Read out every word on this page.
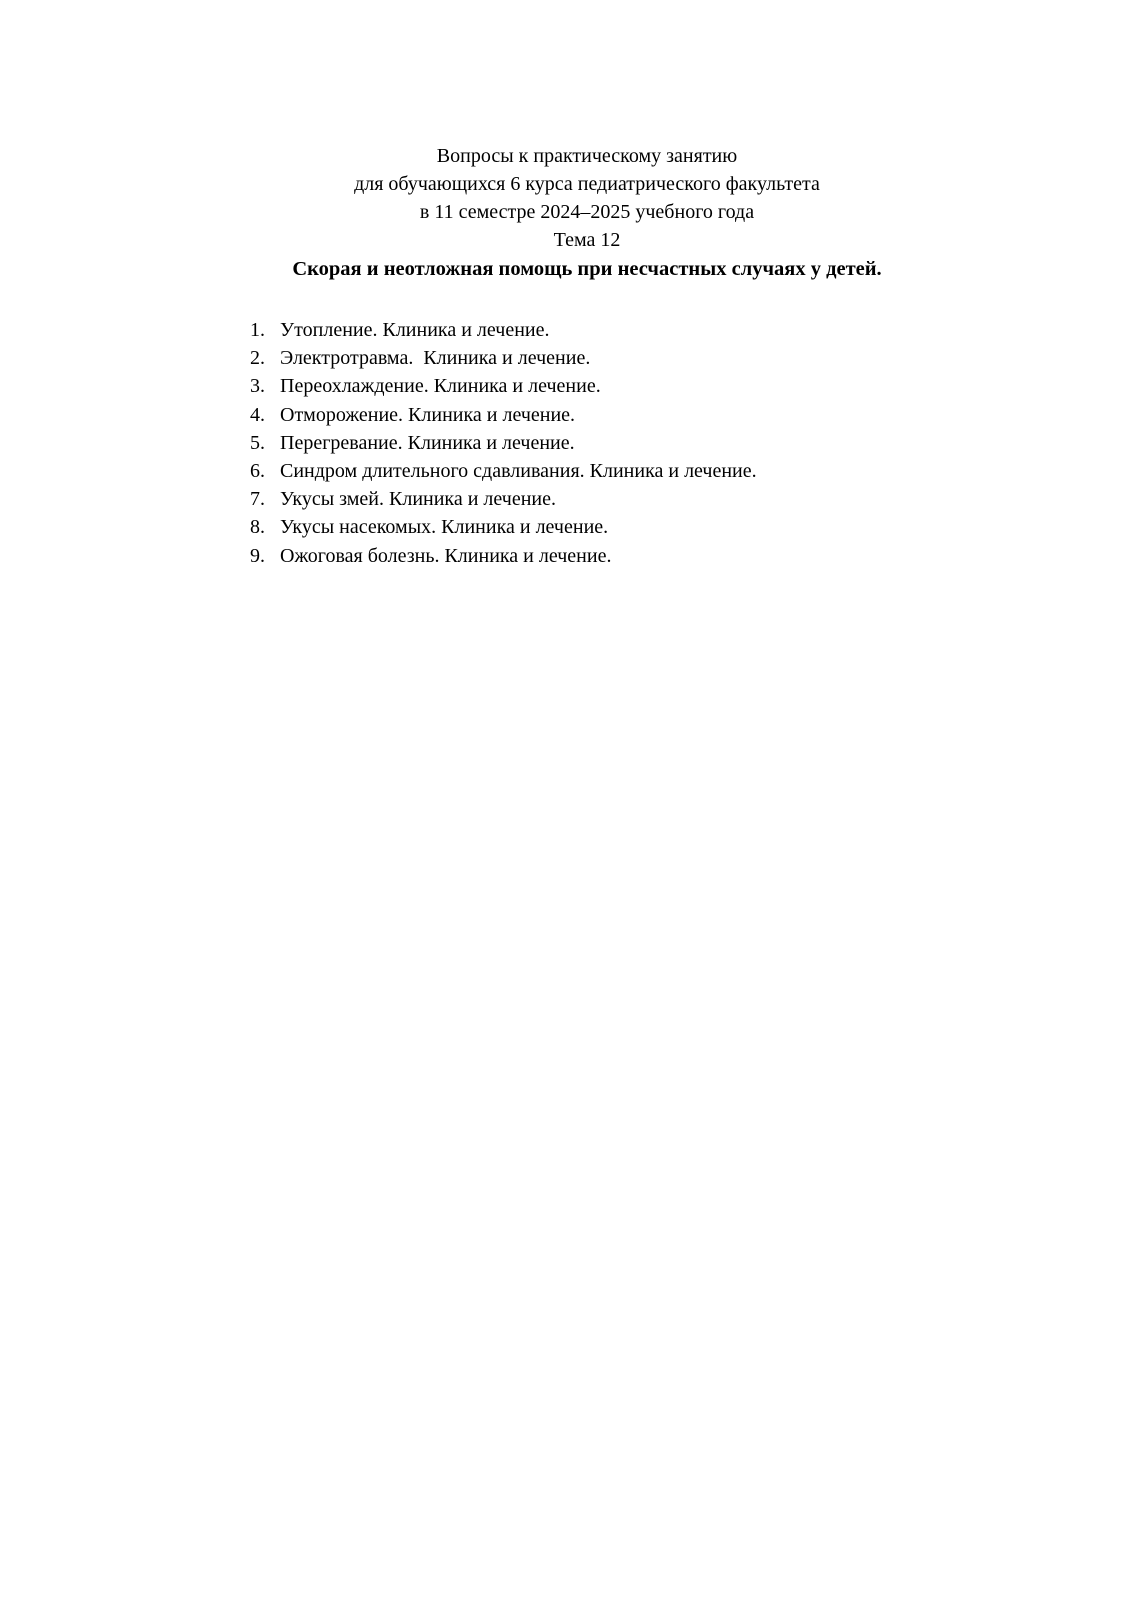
Вопросы к практическому занятию
для обучающихся 6 курса педиатрического факультета
в 11 семестре 2024–2025 учебного года
Тема 12
Скорая и неотложная помощь при несчастных случаях у детей.
1. Утопление. Клиника и лечение.
2. Электротравма.  Клиника и лечение.
3. Переохлаждение. Клиника и лечение.
4. Отморожение. Клиника и лечение.
5. Перегревание. Клиника и лечение.
6. Синдром длительного сдавливания. Клиника и лечение.
7. Укусы змей. Клиника и лечение.
8. Укусы насекомых. Клиника и лечение.
9. Ожоговая болезнь. Клиника и лечение.
